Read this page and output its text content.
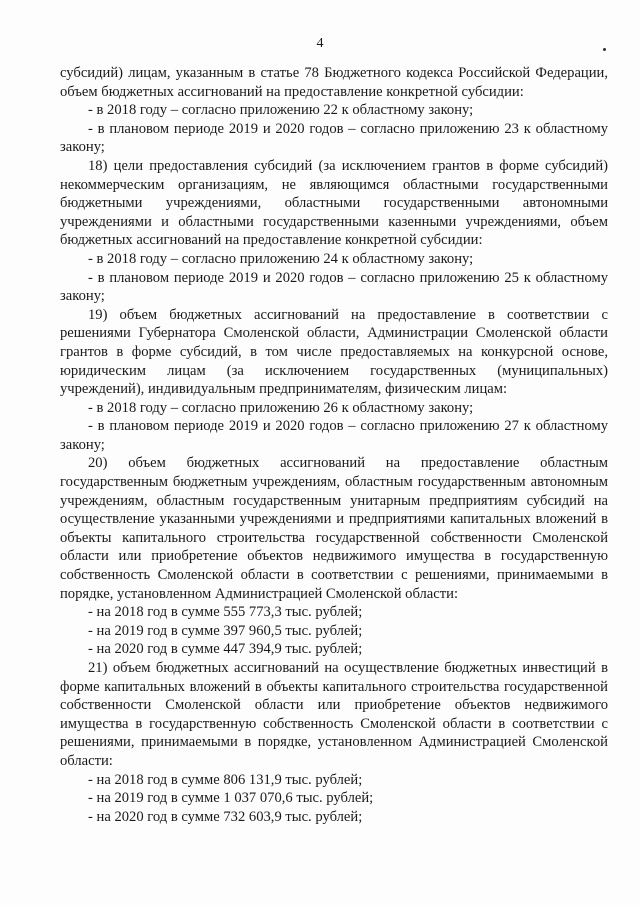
4

субсидий) лицам, указанным в статье 78 Бюджетного кодекса Российской Федерации, объем бюджетных ассигнований на предоставление конкретной субсидии:

- в 2018 году – согласно приложению 22 к областному закону;

- в плановом периоде 2019 и 2020 годов – согласно приложению 23 к областному закону;

18) цели предоставления субсидий (за исключением грантов в форме субсидий) некоммерческим организациям, не являющимся областными государственными бюджетными учреждениями, областными государственными автономными учреждениями и областными государственными казенными учреждениями, объем бюджетных ассигнований на предоставление конкретной субсидии:

- в 2018 году – согласно приложению 24 к областному закону;

- в плановом периоде 2019 и 2020 годов – согласно приложению 25 к областному закону;

19) объем бюджетных ассигнований на предоставление в соответствии с решениями Губернатора Смоленской области, Администрации Смоленской области грантов в форме субсидий, в том числе предоставляемых на конкурсной основе, юридическим лицам (за исключением государственных (муниципальных) учреждений), индивидуальным предпринимателям, физическим лицам:

- в 2018 году – согласно приложению 26 к областному закону;

- в плановом периоде 2019 и 2020 годов – согласно приложению 27 к областному закону;

20) объем бюджетных ассигнований на предоставление областным государственным бюджетным учреждениям, областным государственным автономным учреждениям, областным государственным унитарным предприятиям субсидий на осуществление указанными учреждениями и предприятиями капитальных вложений в объекты капитального строительства государственной собственности Смоленской области или приобретение объектов недвижимого имущества в государственную собственность Смоленской области в соответствии с решениями, принимаемыми в порядке, установленном Администрацией Смоленской области:

- на 2018 год в сумме 555 773,3 тыс. рублей;

- на 2019 год в сумме 397 960,5 тыс. рублей;

- на 2020 год в сумме 447 394,9 тыс. рублей;

21) объем бюджетных ассигнований на осуществление бюджетных инвестиций в форме капитальных вложений в объекты капитального строительства государственной собственности Смоленской области или приобретение объектов недвижимого имущества в государственную собственность Смоленской области в соответствии с решениями, принимаемыми в порядке, установленном Администрацией Смоленской области:

- на 2018 год в сумме 806 131,9 тыс. рублей;

- на 2019 год в сумме 1 037 070,6 тыс. рублей;

- на 2020 год в сумме 732 603,9 тыс. рублей;
